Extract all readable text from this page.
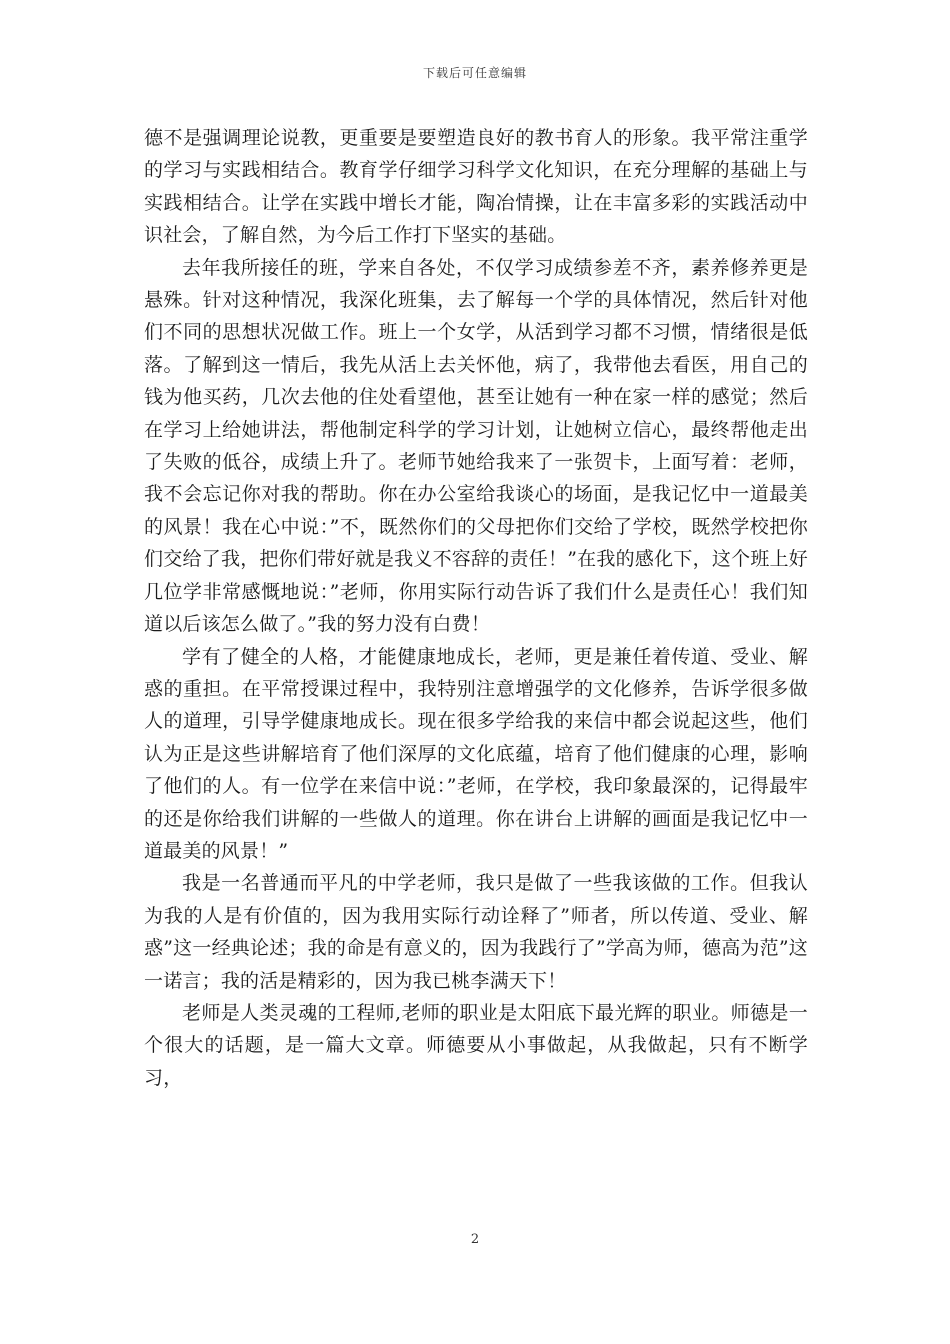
下载后可任意编辑

德不是强调理论说教，更重要是要塑造良好的教书育人的形象。我平常注重学的学习与实践相结合。教育学仔细学习科学文化知识，在充分理解的基础上与实践相结合。让学在实践中增长才能，陶冶情操，让在丰富多彩的实践活动中识社会，了解自然，为今后工作打下坚实的基础。

去年我所接任的班，学来自各处，不仅学习成绩参差不齐，素养修养更是悬殊。针对这种情况，我深化班集，去了解每一个学的具体情况，然后针对他们不同的思想状况做工作。班上一个女学，从活到学习都不习惯，情绪很是低落。了解到这一情后，我先从活上去关怀他，病了，我带他去看医，用自己的钱为他买药，几次去他的住处看望他，甚至让她有一种在家一样的感觉；然后在学习上给她讲法，帮他制定科学的学习计划，让她树立信心，最终帮他走出了失败的低谷，成绩上升了。老师节她给我来了一张贺卡，上面写着：老师，我不会忘记你对我的帮助。你在办公室给我谈心的场面，是我记忆中一道最美的风景！我在心中说：”不，既然你们的父母把你们交给了学校，既然学校把你们交给了我，把你们带好就是我义不容辞的责任！”在我的感化下，这个班上好几位学非常感慨地说：”老师，你用实际行动告诉了我们什么是责任心！我们知道以后该怎么做了。”我的努力没有白费！

学有了健全的人格，才能健康地成长，老师，更是兼任着传道、受业、解惑的重担。在平常授课过程中，我特别注意增强学的文化修养，告诉学很多做人的道理，引导学健康地成长。现在很多学给我的来信中都会说起这些，他们认为正是这些讲解培育了他们深厚的文化底蕴，培育了他们健康的心理，影响了他们的人。有一位学在来信中说：”老师，在学校，我印象最深的，记得最牢的还是你给我们讲解的一些做人的道理。你在讲台上讲解的画面是我记忆中一道最美的风景！”

我是一名普通而平凡的中学老师，我只是做了一些我该做的工作。但我认为我的人是有价值的，因为我用实际行动诠释了”师者，所以传道、受业、解惑”这一经典论述；我的命是有意义的，因为我践行了”学高为师，德高为范”这一诺言；我的活是精彩的，因为我已桃李满天下！

老师是人类灵魂的工程师,老师的职业是太阳底下最光辉的职业。师德是一个很大的话题，是一篇大文章。师德要从小事做起，从我做起，只有不断学习，

2
